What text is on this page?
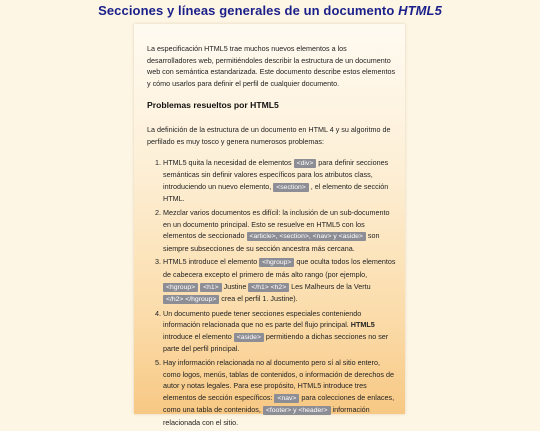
Secciones y líneas generales de un documento HTML5

La especificación HTML5 trae muchos nuevos elementos a los desarrolladores web, permitiéndoles describir la estructura de un documento web con semántica estandarizada. Este documento describe estos elementos y cómo usarlos para definir el perfil de cualquier documento.

Problemas resueltos por HTML5

La definición de la estructura de un documento en HTML 4 y su algoritmo de perfilado es muy tosco y genera numerosos problemas:

1. HTML5 quita la necesidad de elementos <div> para definir secciones semánticas sin definir valores específicos para los atributos class, introduciendo un nuevo elemento, <section> , el elemento de sección HTML.
2. Mezclar varios documentos es difícil: la inclusión de un sub-documento en un documento principal. Esto se resuelve en HTML5 con los elementos de seccionado <article>, <section>, <nav> y <aside> son siempre subsecciones de su sección ancestra más cercana.
3. HTML5 introduce el elemento <hgroup> que oculta todos los elementos de cabecera excepto el primero de más alto rango (por ejemplo, <hgroup> <h1> Justine </h1> <h2> Les Malheurs de la Vertu </h2> </hgroup> crea el perfil 1. Justine).
4. Un documento puede tener secciones especiales conteniendo información relacionada que no es parte del flujo principal. HTML5 introduce el elemento <aside> permitiendo a dichas secciones no ser parte del perfil principal.
5. Hay información relacionada no al documento pero sí al sitio entero, como logos, menús, tablas de contenidos, o información de derechos de autor y notas legales. Para ese propósito, HTML5 introduce tres elementos de sección específicos: <nav> para colecciones de enlaces, como una tabla de contenidos, <footer> y <header> información relacionada con el sitio.
